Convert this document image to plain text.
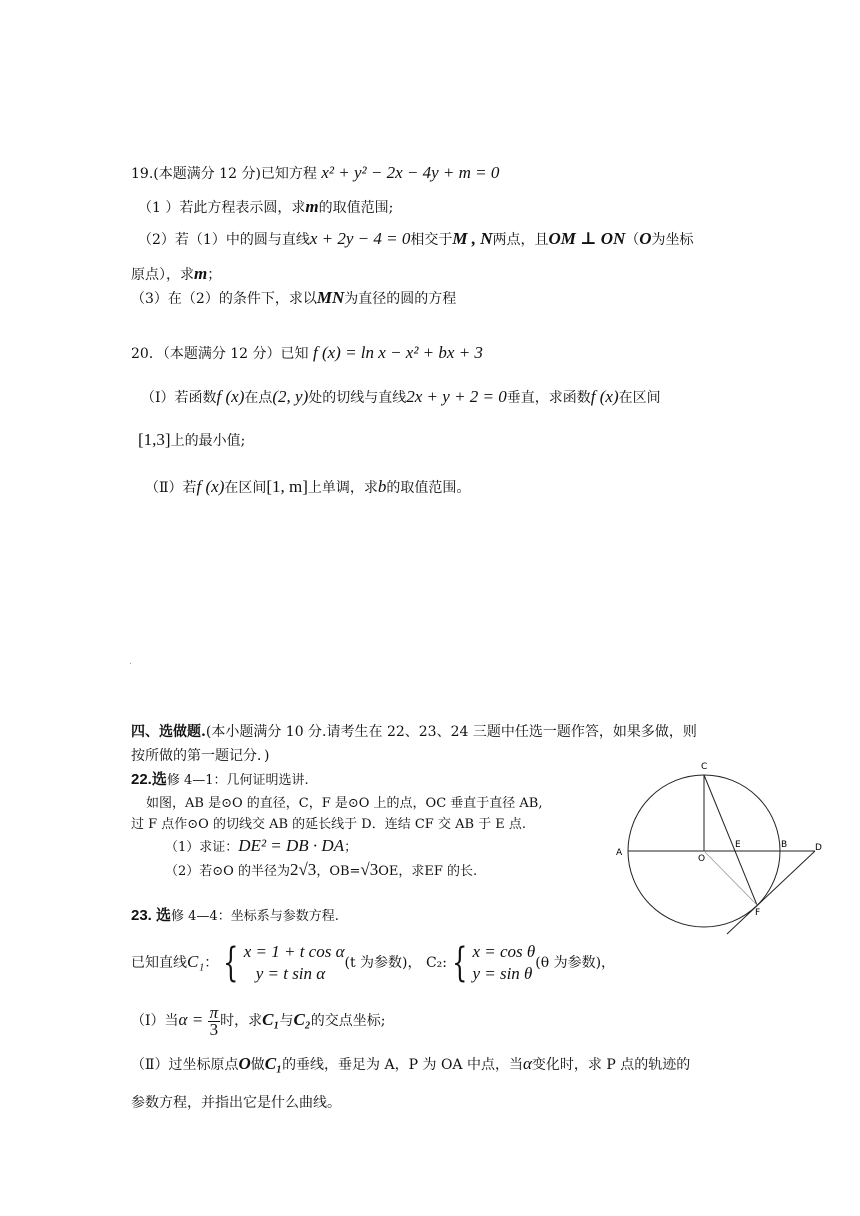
19.(本题满分 12 分)已知方程 x² + y² − 2x − 4y + m = 0
（1 ）若此方程表示圆，求m的取值范围;
（2）若（1）中的圆与直线x + 2y − 4 = 0相交于M , N两点，且OM ⊥ ON（O为坐标
原点），求m；
（3）在（2）的条件下，求以MN为直径的圆的方程
20．（本题满分 12 分）已知 f (x) = ln x − x² + bx + 3
（Ⅰ）若函数f (x)在点(2, y)处的切线与直线2x + y + 2 = 0垂直，求函数f (x)在区间
[1,3]上的最小值;
（Ⅱ）若f (x)在区间[1, m]上单调，求b的取值范围。
.
四、选做题.(本小题满分 10 分.请考生在 22、23、24 三题中任选一题作答，如果多做，则
按所做的第一题记分．)
22.选修 4—1：几何证明选讲.
如图，AB 是⊙O 的直径，C，F 是⊙O 上的点，OC 垂直于直径 AB,
过 F 点作⊙O 的切线交 AB 的延长线于 D．连结 CF 交 AB 于 E 点.
（1）求证：DE² = DB · DA；
（2）若⊙O 的半径为2√3，OB=√3OE，求EF 的长.
C
A
O
E	B	D
F
23. 选修 4—4：坐标系与参数方程.
已知直线C₁： { x = 1 + t cos α
y = t sin α
(t 为参数)， C₂: { x = cos θ
y = sin θ
(θ 为参数)，
（Ⅰ）当$\alpha = \frac{\pi}{3}$ 时，求C₁与C₂的交点坐标;
（Ⅱ）过坐标原点O做C₁的垂线，垂足为 A，P 为 OA 中点，当α变化时，求 P 点的轨迹的
参数方程，并指出它是什么曲线。
